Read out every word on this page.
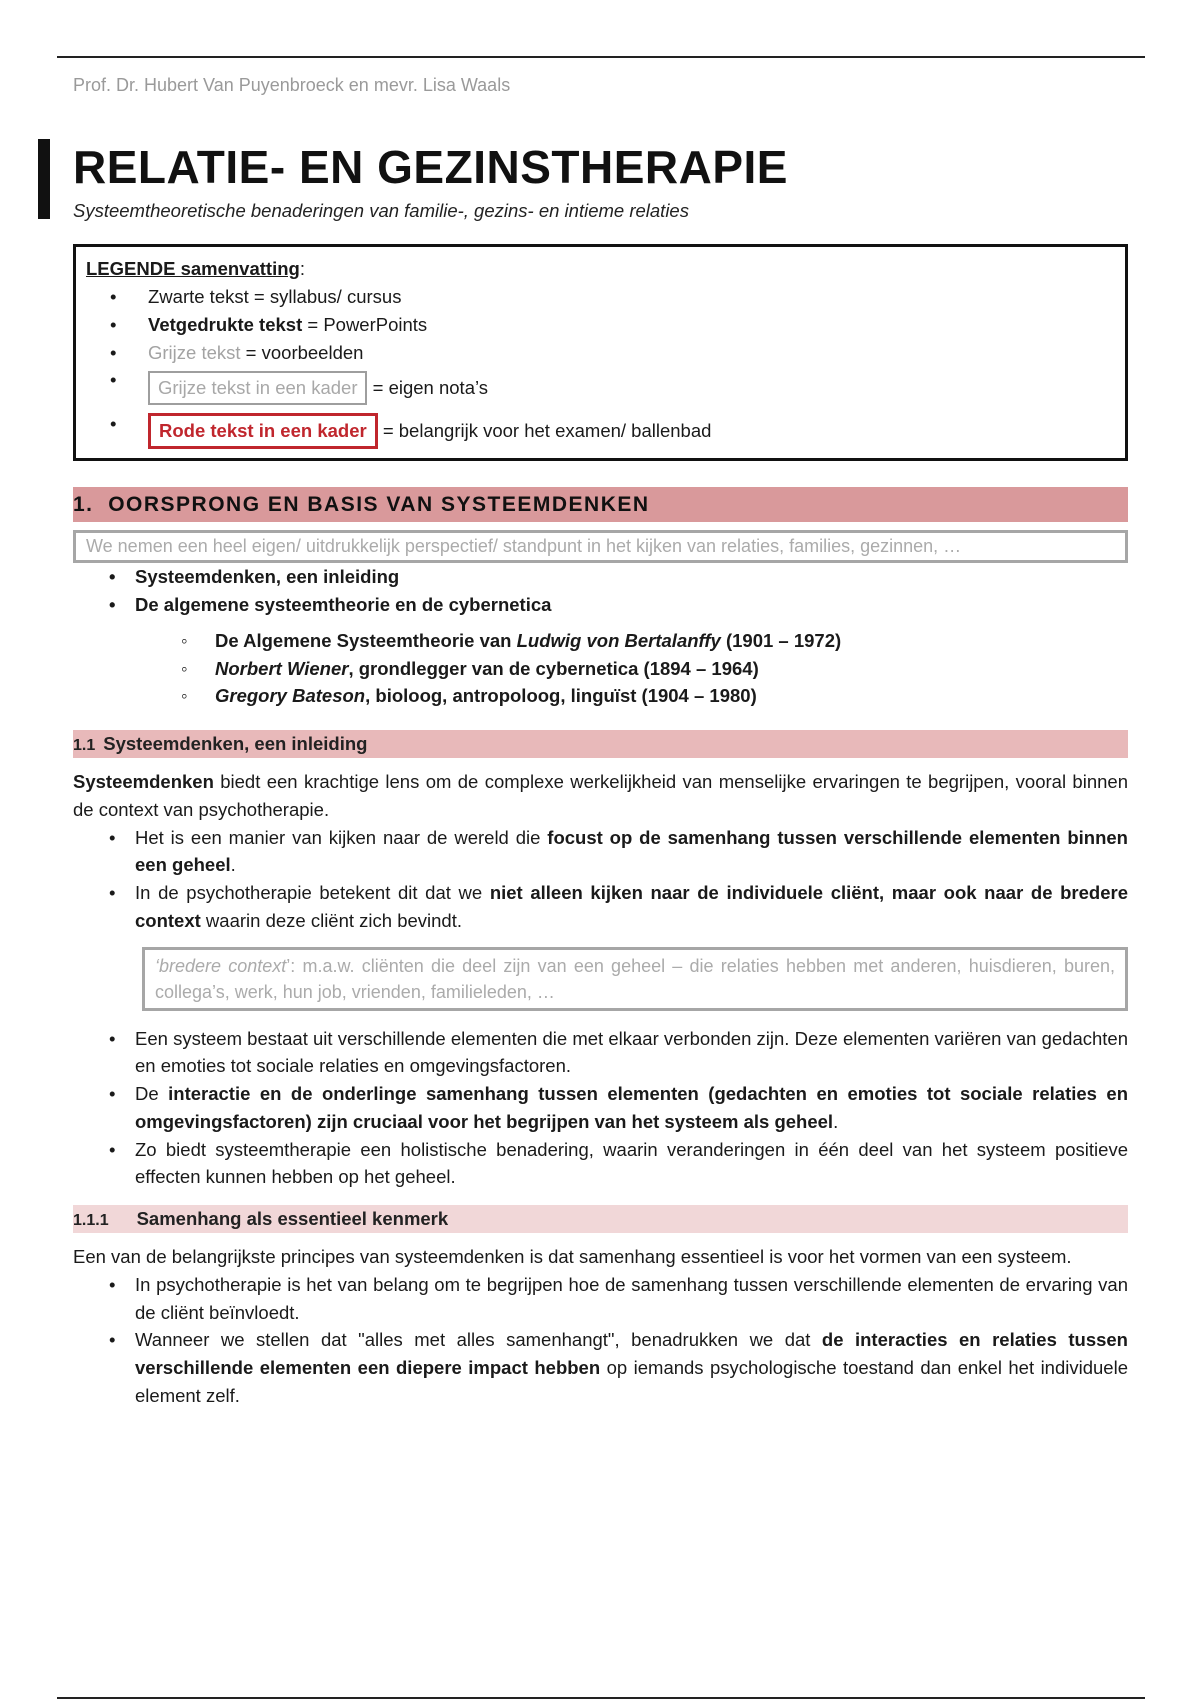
Prof. Dr. Hubert Van Puyenbroeck en mevr. Lisa Waals
RELATIE- EN GEZINSTHERAPIE
Systeemtheoretische benaderingen van familie-, gezins- en intieme relaties
LEGENDE samenvatting:
• Zwarte tekst = syllabus/ cursus
• Vetgedrukte tekst = PowerPoints
• Grijze tekst = voorbeelden
• Grijze tekst in een kader = eigen nota’s
• Rode tekst in een kader = belangrijk voor het examen/ ballenbad
1. OORSPRONG EN BASIS VAN SYSTEEMDENKEN
We nemen een heel eigen/ uitdrukkelijk perspectief/ standpunt in het kijken van relaties, families, gezinnen, …
• Systeemdenken, een inleiding
• De algemene systeemtheorie en de cybernetica
◦ De Algemene Systeemtheorie van Ludwig von Bertalanffy (1901 – 1972)
◦ Norbert Wiener, grondlegger van de cybernetica (1894 – 1964)
◦ Gregory Bateson, bioloog, antropoloog, linguïst (1904 – 1980)
1.1 Systeemdenken, een inleiding

Systeemdenken biedt een krachtige lens om de complexe werkelijkheid van menselijke ervaringen te begrijpen, vooral binnen de context van psychotherapie.

• Het is een manier van kijken naar de wereld die focust op de samenhang tussen verschillende elementen binnen een geheel.
• In de psychotherapie betekent dit dat we niet alleen kijken naar de individuele cliënt, maar ook naar de bredere context waarin deze cliënt zich bevindt.
‘bredere context’: m.a.w. cliënten die deel zijn van een geheel – die relaties hebben met anderen, huisdieren, buren, collega’s, werk, hun job, vrienden, familieleden, …
• Een systeem bestaat uit verschillende elementen die met elkaar verbonden zijn. Deze elementen variëren van gedachten en emoties tot sociale relaties en omgevingsfactoren.
• De interactie en de onderlinge samenhang tussen elementen (gedachten en emoties tot sociale relaties en omgevingsfactoren) zijn cruciaal voor het begrijpen van het systeem als geheel.
• Zo biedt systeemtherapie een holistische benadering, waarin veranderingen in één deel van het systeem positieve effecten kunnen hebben op het geheel.
1.1.1 Samenhang als essentieel kenmerk

Een van de belangrijkste principes van systeemdenken is dat samenhang essentieel is voor het vormen van een systeem.

• In psychotherapie is het van belang om te begrijpen hoe de samenhang tussen verschillende elementen de ervaring van de cliënt beïnvloedt.
• Wanneer we stellen dat "alles met alles samenhangt", benadrukken we dat de interacties en relaties tussen verschillende elementen een diepere impact hebben op iemands psychologische toestand dan enkel het individuele element zelf.
